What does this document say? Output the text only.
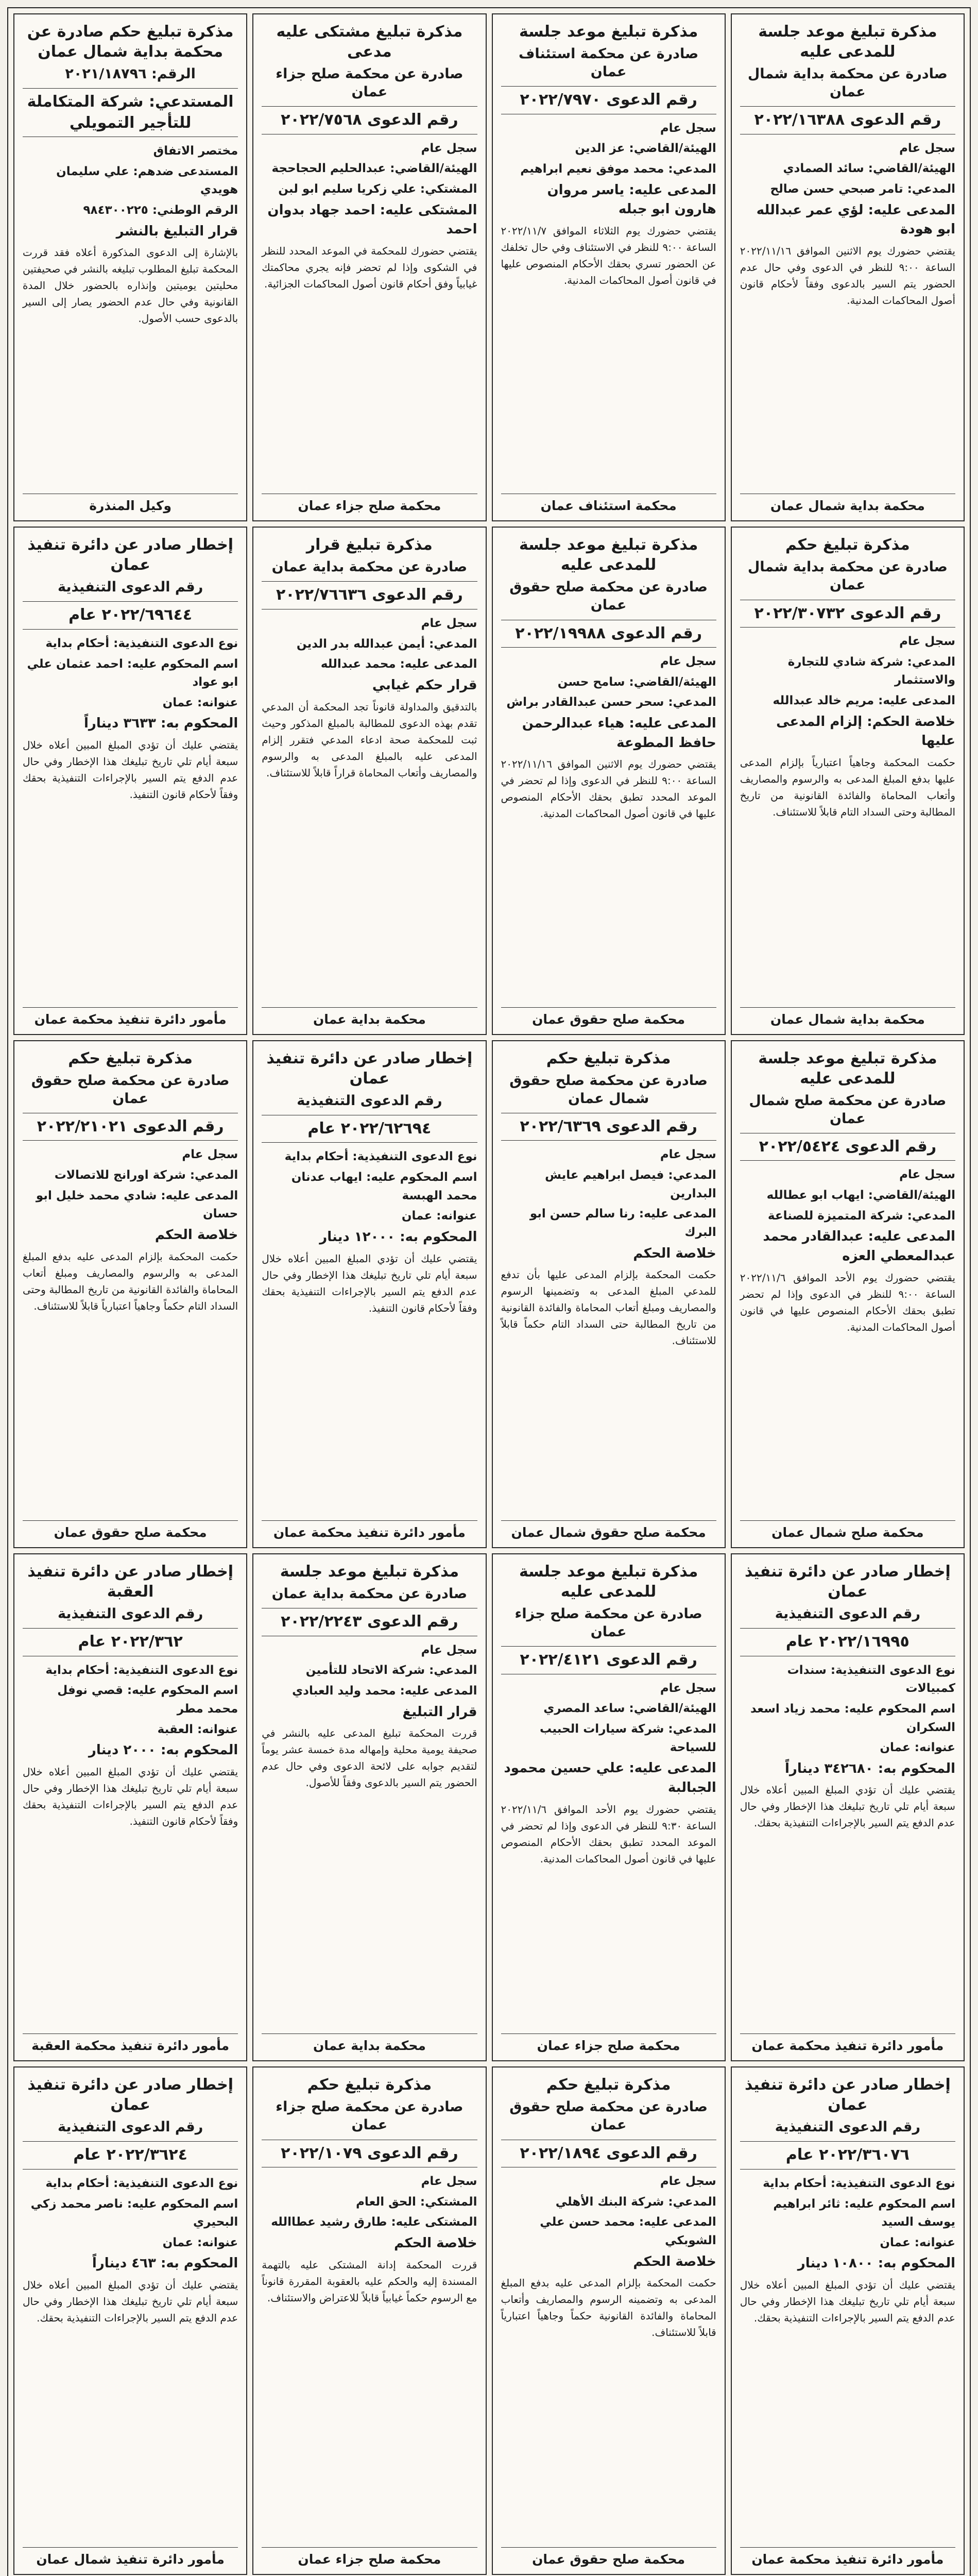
مذكرة تبليغ موعد جلسة للمدعى عليه
صادرة عن محكمة بداية شمال عمان
رقم الدعوى ٢٠٢٢/١٦٣٨٨
سجل عام
الهيئة/القاضي: سائد الصمادي
المدعي: تامر صبحي حسن صالح
المدعى عليه: لؤي عمر عبدالله ابو هودة
يقتضي حضورك يوم الاثنين الموافق ٢٠٢٢/١١/١٦ الساعة ٩:٠٠ للنظر في الدعوى وفي حال عدم الحضور يتم السير بالدعوى وفقاً لأحكام قانون أصول المحاكمات المدنية.
محكمة بداية شمال عمان
مذكرة تبليغ موعد جلسة
صادرة عن محكمة استئناف عمان
رقم الدعوى ٢٠٢٢/٧٩٧٠
سجل عام
الهيئة/القاضي: عز الدين
المدعي: محمد موفق نعيم ابراهيم
المدعى عليه: ياسر مروان هارون ابو جبله
يقتضي حضورك يوم الثلاثاء الموافق ٢٠٢٢/١١/٧ الساعة ٩:٠٠ للنظر في الاستئناف وفي حال تخلفك عن الحضور تسري بحقك الأحكام المنصوص عليها في قانون أصول المحاكمات المدنية.
محكمة استئناف عمان
مذكرة تبليغ مشتكى عليه مدعى
صادرة عن محكمة صلح جزاء عمان
رقم الدعوى ٢٠٢٢/٧٥٦٨
سجل عام
الهيئة/القاضي: عبدالحليم الحجاحجة
المشتكي: علي زكريا سليم ابو لبن
المشتكى عليه: احمد جهاد بدوان احمد
يقتضي حضورك للمحكمة في الموعد المحدد للنظر في الشكوى وإذا لم تحضر فإنه يجري محاكمتك غيابياً وفق أحكام قانون أصول المحاكمات الجزائية.
محكمة صلح جزاء عمان
مذكرة تبليغ حكم صادرة عن محكمة بداية شمال عمان
الرقم: ٢٠٢١/١٨٧٩٦
المستدعي: شركة المتكاملة للتأجير التمويلي
مختصر الاتفاق
المستدعى ضدهم: علي سليمان هويدي
الرقم الوطني: ٩٨٤٣٠٠٢٢٥
قرار التبليغ بالنشر
بالإشارة إلى الدعوى المذكورة أعلاه فقد قررت المحكمة تبليغ المطلوب تبليغه بالنشر في صحيفتين محليتين يوميتين وإنذاره بالحضور خلال المدة القانونية وفي حال عدم الحضور يصار إلى السير بالدعوى حسب الأصول.
وكيل المنذرة
مذكرة تبليغ حكم
صادرة عن محكمة بداية شمال عمان
رقم الدعوى ٢٠٢٢/٣٠٧٣٢
سجل عام
المدعي: شركة شادي للتجارة والاستثمار
المدعى عليه: مريم خالد عبدالله
خلاصة الحكم: إلزام المدعى عليها
حكمت المحكمة وجاهياً اعتبارياً بإلزام المدعى عليها بدفع المبلغ المدعى به والرسوم والمصاريف وأتعاب المحاماة والفائدة القانونية من تاريخ المطالبة وحتى السداد التام قابلاً للاستئناف.
محكمة بداية شمال عمان
مذكرة تبليغ موعد جلسة للمدعى عليه
صادرة عن محكمة صلح حقوق عمان
رقم الدعوى ٢٠٢٢/١٩٩٨٨
سجل عام
الهيئة/القاضي: سامح حسن
المدعي: سحر حسن عبدالقادر براش
المدعى عليه: هياء عبدالرحمن حافظ المطوعة
يقتضي حضورك يوم الاثنين الموافق ٢٠٢٢/١١/١٦ الساعة ٩:٠٠ للنظر في الدعوى وإذا لم تحضر في الموعد المحدد تطبق بحقك الأحكام المنصوص عليها في قانون أصول المحاكمات المدنية.
محكمة صلح حقوق عمان
مذكرة تبليغ قرار
صادرة عن محكمة بداية عمان
رقم الدعوى ٢٠٢٢/٧٦٦٣٦
سجل عام
المدعي: أيمن عبدالله بدر الدين
المدعى عليه: محمد عبدالله
قرار حكم غيابي
بالتدقيق والمداولة قانوناً تجد المحكمة أن المدعي تقدم بهذه الدعوى للمطالبة بالمبلغ المذكور وحيث ثبت للمحكمة صحة ادعاء المدعي فتقرر إلزام المدعى عليه بالمبلغ المدعى به والرسوم والمصاريف وأتعاب المحاماة قراراً قابلاً للاستئناف.
محكمة بداية عمان
إخطار صادر عن دائرة تنفيذ عمان
رقم الدعوى التنفيذية
٢٠٢٢/٦٩٦٤٤ عام
نوع الدعوى التنفيذية: أحكام بداية
اسم المحكوم عليه: احمد عثمان علي ابو عواد
عنوانه: عمان
المحكوم به: ٣٦٣٣ ديناراً
يقتضي عليك أن تؤدي المبلغ المبين أعلاه خلال سبعة أيام تلي تاريخ تبليغك هذا الإخطار وفي حال عدم الدفع يتم السير بالإجراءات التنفيذية بحقك وفقاً لأحكام قانون التنفيذ.
مأمور دائرة تنفيذ محكمة عمان
مذكرة تبليغ موعد جلسة للمدعى عليه
صادرة عن محكمة صلح شمال عمان
رقم الدعوى ٢٠٢٢/٥٤٢٤
سجل عام
الهيئة/القاضي: ايهاب ابو عطالله
المدعي: شركة المتميزة للصناعة
المدعى عليه: عبدالقادر محمد عبدالمعطي العزه
يقتضي حضورك يوم الأحد الموافق ٢٠٢٢/١١/٦ الساعة ٩:٠٠ للنظر في الدعوى وإذا لم تحضر تطبق بحقك الأحكام المنصوص عليها في قانون أصول المحاكمات المدنية.
محكمة صلح شمال عمان
مذكرة تبليغ حكم
صادرة عن محكمة صلح حقوق شمال عمان
رقم الدعوى ٢٠٢٢/٦٣٦٩
سجل عام
المدعي: فيصل ابراهيم عايش البدارين
المدعى عليه: رنا سالم حسن ابو البرك
خلاصة الحكم
حكمت المحكمة بإلزام المدعى عليها بأن تدفع للمدعي المبلغ المدعى به وتضمينها الرسوم والمصاريف ومبلغ أتعاب المحاماة والفائدة القانونية من تاريخ المطالبة حتى السداد التام حكماً قابلاً للاستئناف.
محكمة صلح حقوق شمال عمان
إخطار صادر عن دائرة تنفيذ عمان
رقم الدعوى التنفيذية
٢٠٢٢/٦٢٦٩٤ عام
نوع الدعوى التنفيذية: أحكام بداية
اسم المحكوم عليه: ايهاب عدنان محمد الهبسة
عنوانه: عمان
المحكوم به: ١٢٠٠٠ دينار
يقتضي عليك أن تؤدي المبلغ المبين أعلاه خلال سبعة أيام تلي تاريخ تبليغك هذا الإخطار وفي حال عدم الدفع يتم السير بالإجراءات التنفيذية بحقك وفقاً لأحكام قانون التنفيذ.
مأمور دائرة تنفيذ محكمة عمان
مذكرة تبليغ حكم
صادرة عن محكمة صلح حقوق عمان
رقم الدعوى ٢٠٢٢/٢١٠٢١
سجل عام
المدعي: شركة اورانج للاتصالات
المدعى عليه: شادي محمد خليل ابو حسان
خلاصة الحكم
حكمت المحكمة بإلزام المدعى عليه بدفع المبلغ المدعى به والرسوم والمصاريف ومبلغ أتعاب المحاماة والفائدة القانونية من تاريخ المطالبة وحتى السداد التام حكماً وجاهياً اعتبارياً قابلاً للاستئناف.
محكمة صلح حقوق عمان
إخطار صادر عن دائرة تنفيذ عمان
رقم الدعوى التنفيذية
٢٠٢٢/١٦٩٩٥ عام
نوع الدعوى التنفيذية: سندات كمبيالات
اسم المحكوم عليه: محمد زياد اسعد السكران
عنوانه: عمان
المحكوم به: ٣٤٢٦٨٠ ديناراً
يقتضي عليك أن تؤدي المبلغ المبين أعلاه خلال سبعة أيام تلي تاريخ تبليغك هذا الإخطار وفي حال عدم الدفع يتم السير بالإجراءات التنفيذية بحقك.
مأمور دائرة تنفيذ محكمة عمان
مذكرة تبليغ موعد جلسة للمدعى عليه
صادرة عن محكمة صلح جزاء عمان
رقم الدعوى ٢٠٢٢/٤١٢١
سجل عام
الهيئة/القاضي: ساعد المصري
المدعي: شركة سيارات الحبيب للسياحة
المدعى عليه: علي حسين محمود الجبالبة
يقتضي حضورك يوم الأحد الموافق ٢٠٢٢/١١/٦ الساعة ٩:٣٠ للنظر في الدعوى وإذا لم تحضر في الموعد المحدد تطبق بحقك الأحكام المنصوص عليها في قانون أصول المحاكمات المدنية.
محكمة صلح جزاء عمان
مذكرة تبليغ موعد جلسة
صادرة عن محكمة بداية عمان
رقم الدعوى ٢٠٢٢/٢٢٤٣
سجل عام
المدعي: شركة الاتحاد للتأمين
المدعى عليه: محمد وليد العبادي
قرار التبليغ
قررت المحكمة تبليغ المدعى عليه بالنشر في صحيفة يومية محلية وإمهاله مدة خمسة عشر يوماً لتقديم جوابه على لائحة الدعوى وفي حال عدم الحضور يتم السير بالدعوى وفقاً للأصول.
محكمة بداية عمان
إخطار صادر عن دائرة تنفيذ العقبة
رقم الدعوى التنفيذية
٢٠٢٢/٣٦٢ عام
نوع الدعوى التنفيذية: أحكام بداية
اسم المحكوم عليه: قصي نوفل محمد مطر
عنوانه: العقبة
المحكوم به: ٢٠٠٠ دينار
يقتضي عليك أن تؤدي المبلغ المبين أعلاه خلال سبعة أيام تلي تاريخ تبليغك هذا الإخطار وفي حال عدم الدفع يتم السير بالإجراءات التنفيذية بحقك وفقاً لأحكام قانون التنفيذ.
مأمور دائرة تنفيذ محكمة العقبة
إخطار صادر عن دائرة تنفيذ عمان
رقم الدعوى التنفيذية
٢٠٢٢/٣٦٠٧٦ عام
نوع الدعوى التنفيذية: أحكام بداية
اسم المحكوم عليه: ثائر ابراهيم يوسف السيد
عنوانه: عمان
المحكوم به: ١٠٨٠٠ دينار
يقتضي عليك أن تؤدي المبلغ المبين أعلاه خلال سبعة أيام تلي تاريخ تبليغك هذا الإخطار وفي حال عدم الدفع يتم السير بالإجراءات التنفيذية بحقك.
مأمور دائرة تنفيذ محكمة عمان
مذكرة تبليغ حكم
صادرة عن محكمة صلح حقوق عمان
رقم الدعوى ٢٠٢٢/١٨٩٤
سجل عام
المدعي: شركة البنك الأهلي
المدعى عليه: محمد حسن علي الشوبكي
خلاصة الحكم
حكمت المحكمة بإلزام المدعى عليه بدفع المبلغ المدعى به وتضمينه الرسوم والمصاريف وأتعاب المحاماة والفائدة القانونية حكماً وجاهياً اعتبارياً قابلاً للاستئناف.
محكمة صلح حقوق عمان
مذكرة تبليغ حكم
صادرة عن محكمة صلح جزاء عمان
رقم الدعوى ٢٠٢٢/١٠٧٩
سجل عام
المشتكي: الحق العام
المشتكى عليه: طارق رشيد عطاالله
خلاصة الحكم
قررت المحكمة إدانة المشتكى عليه بالتهمة المسندة إليه والحكم عليه بالعقوبة المقررة قانوناً مع الرسوم حكماً غيابياً قابلاً للاعتراض والاستئناف.
محكمة صلح جزاء عمان
إخطار صادر عن دائرة تنفيذ عمان
رقم الدعوى التنفيذية
٢٠٢٢/٣٦٢٤ عام
نوع الدعوى التنفيذية: أحكام بداية
اسم المحكوم عليه: ناصر محمد زكي البحيري
عنوانه: عمان
المحكوم به: ٤٦٣ ديناراً
يقتضي عليك أن تؤدي المبلغ المبين أعلاه خلال سبعة أيام تلي تاريخ تبليغك هذا الإخطار وفي حال عدم الدفع يتم السير بالإجراءات التنفيذية بحقك.
مأمور دائرة تنفيذ شمال عمان
